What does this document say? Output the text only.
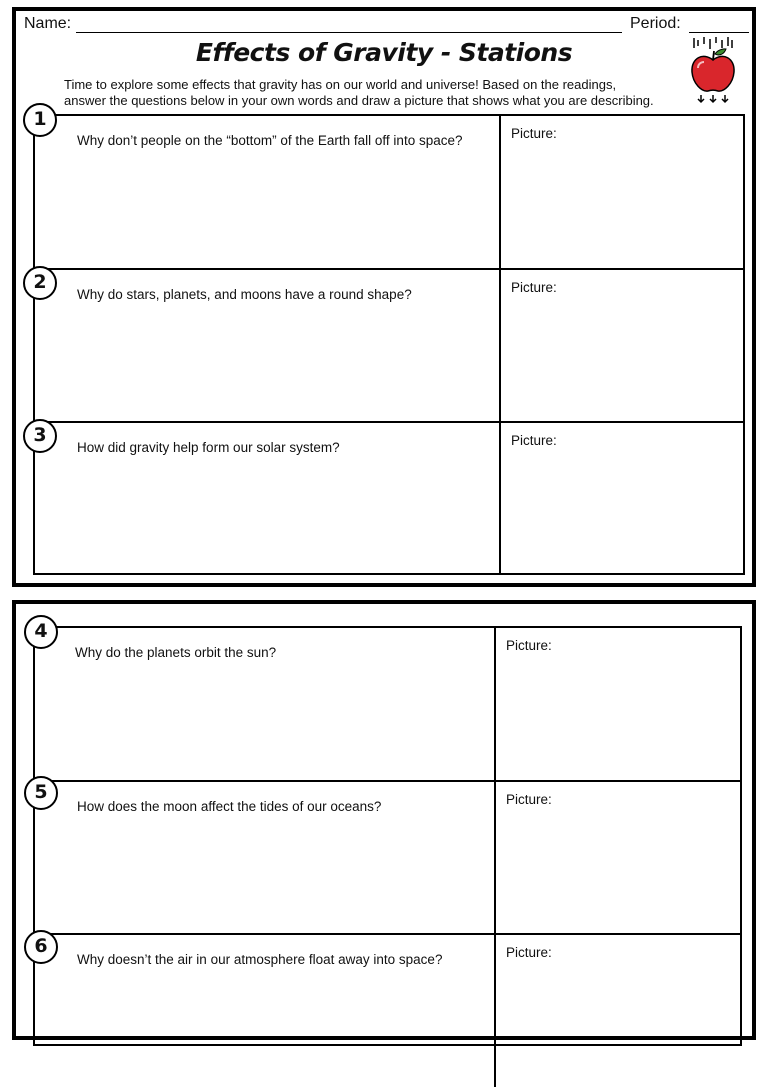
Name:	Period:
Effects of Gravity - Stations
Time to explore some effects that gravity has on our world and universe! Based on the readings,
answer the questions below in your own words and draw a picture that shows what you are describing.
Why don’t people on the “bottom” of the Earth fall off into space?	Picture:
Why do stars, planets, and moons have a round shape?	Picture:
How did gravity help form our solar system?	Picture:
1
2
3
Why do the planets orbit the sun?	Picture:
How does the moon affect the tides of our oceans?	Picture:
Why doesn’t the air in our atmosphere float away into space?	Picture:
4
5
6
